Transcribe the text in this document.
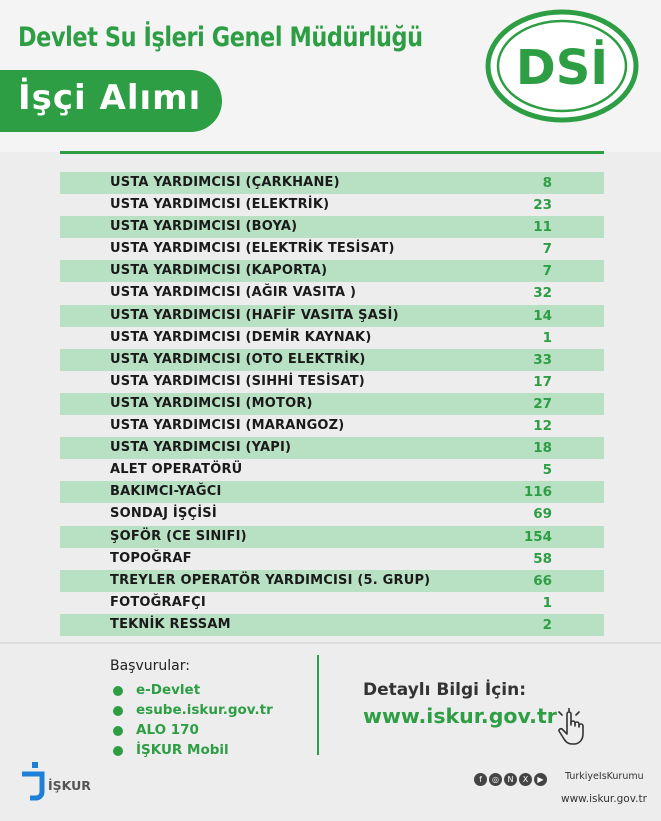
Devlet Su İşleri Genel Müdürlüğü
İşçi Alımı
DSİ
USTA YARDIMCISI (ÇARKHANE)	8
USTA YARDIMCISI (ELEKTRİK)	23
USTA YARDIMCISI (BOYA)	11
USTA YARDIMCISI (ELEKTRİK TESİSAT)	7
USTA YARDIMCISI (KAPORTA)	7
USTA YARDIMCISI (AĞIR VASITA )	32
USTA YARDIMCISI (HAFİF VASITA ŞASİ)	14
USTA YARDIMCISI (DEMİR KAYNAK)	1
USTA YARDIMCISI (OTO ELEKTRİK)	33
USTA YARDIMCISI (SIHHİ TESİSAT)	17
USTA YARDIMCISI (MOTOR)	27
USTA YARDIMCISI (MARANGOZ)	12
USTA YARDIMCISI (YAPI)	18
ALET OPERATÖRÜ	5
BAKIMCI-YAĞCI	116
SONDAJ İŞÇİSİ	69
ŞOFÖR (CE SINIFI)	154
TOPOĞRAF	58
TREYLER OPERATÖR YARDIMCISI (5. GRUP)	66
FOTOĞRAFÇI	1
TEKNİK RESSAM	2
Başvurular:
e-Devlet
esube.iskur.gov.tr
ALO 170
İŞKUR Mobil
Detaylı Bilgi İçin:
www.iskur.gov.tr
İŞKUR	f ◎ N X ▶	TurkiyeIsKurumu
www.iskur.gov.tr
